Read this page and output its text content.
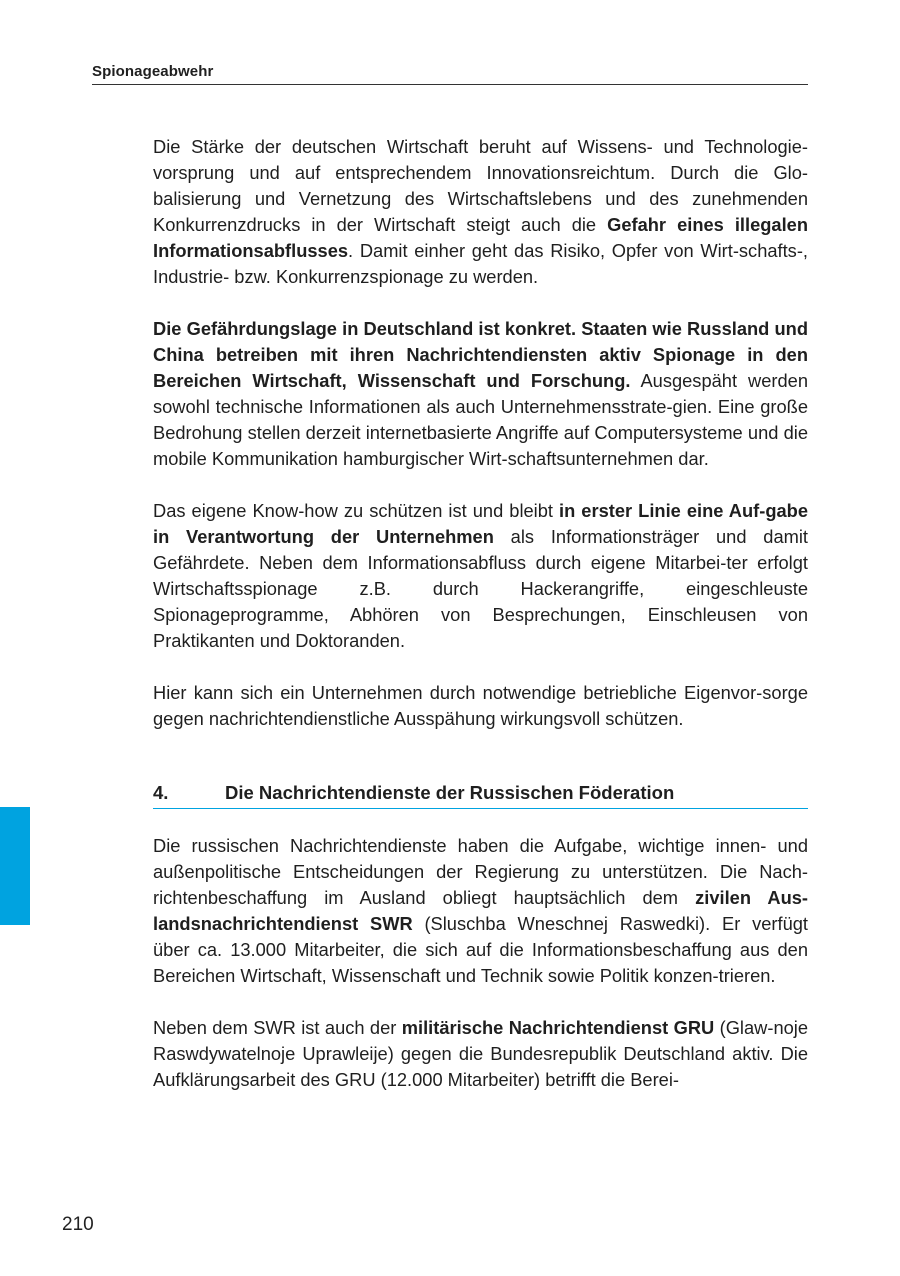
Spionageabwehr

Die Stärke der deutschen Wirtschaft beruht auf Wissens- und Technologie-vorsprung und auf entsprechendem Innovationsreichtum. Durch die Glo-balisierung und Vernetzung des Wirtschaftslebens und des zunehmenden Konkurrenzdrucks in der Wirtschaft steigt auch die Gefahr eines illegalen Informationsabflusses. Damit einher geht das Risiko, Opfer von Wirt-schafts-, Industrie- bzw. Konkurrenzspionage zu werden.

Die Gefährdungslage in Deutschland ist konkret. Staaten wie Russland und China betreiben mit ihren Nachrichtendiensten aktiv Spionage in den Bereichen Wirtschaft, Wissenschaft und Forschung. Ausgespäht werden sowohl technische Informationen als auch Unternehmensstrate-gien. Eine große Bedrohung stellen derzeit internetbasierte Angriffe auf Computersysteme und die mobile Kommunikation hamburgischer Wirt-schaftsunternehmen dar.

Das eigene Know-how zu schützen ist und bleibt in erster Linie eine Auf-gabe in Verantwortung der Unternehmen als Informationsträger und damit Gefährdete. Neben dem Informationsabfluss durch eigene Mitarbei-ter erfolgt Wirtschaftsspionage z.B. durch Hackerangriffe, eingeschleuste Spionageprogramme, Abhören von Besprechungen, Einschleusen von Praktikanten und Doktoranden.

Hier kann sich ein Unternehmen durch notwendige betriebliche Eigenvor-sorge gegen nachrichtendienstliche Ausspähung wirkungsvoll schützen.

4.	Die Nachrichtendienste der Russischen Föderation

Die russischen Nachrichtendienste haben die Aufgabe, wichtige innen- und außenpolitische Entscheidungen der Regierung zu unterstützen. Die Nach-richtenbeschaffung im Ausland obliegt hauptsächlich dem zivilen Aus-landsnachrichtendienst SWR (Sluschba Wneschnej Raswedki). Er verfügt über ca. 13.000 Mitarbeiter, die sich auf die Informationsbeschaffung aus den Bereichen Wirtschaft, Wissenschaft und Technik sowie Politik konzen-trieren.

Neben dem SWR ist auch der militärische Nachrichtendienst GRU (Glaw-noje Raswdywatelnoje Uprawleije) gegen die Bundesrepublik Deutschland aktiv. Die Aufklärungsarbeit des GRU (12.000 Mitarbeiter) betrifft die Berei-

210
